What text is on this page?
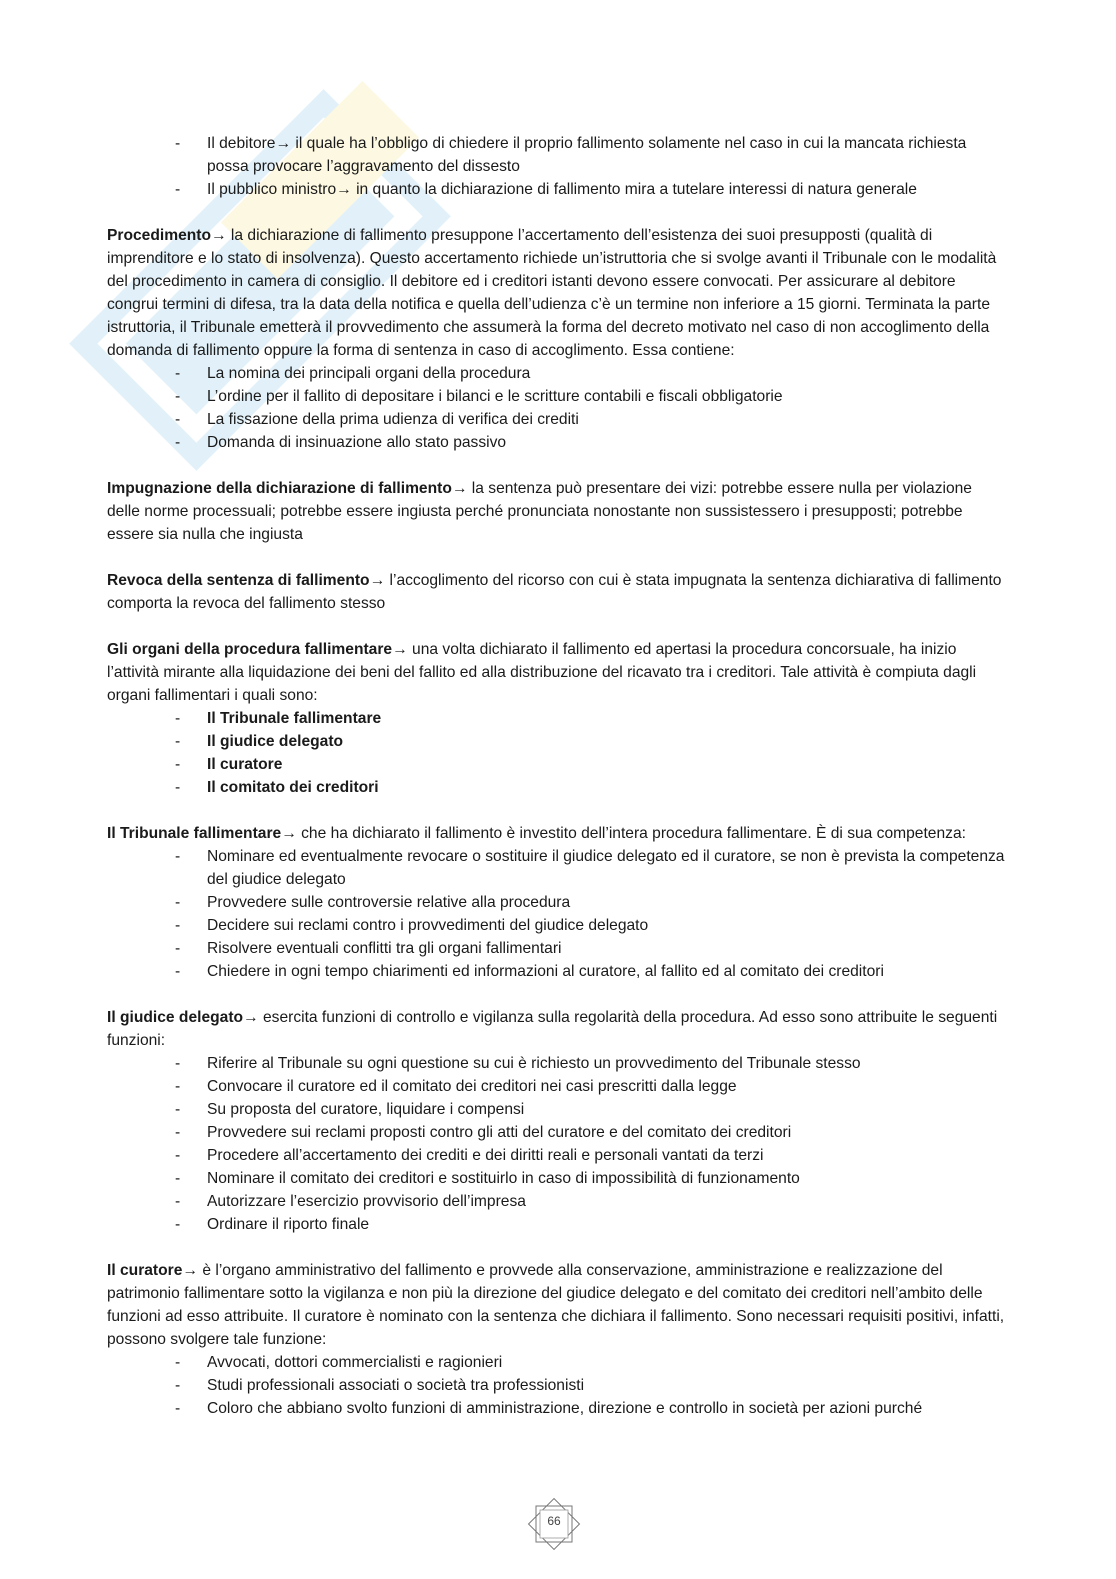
- Il debitore→ il quale ha l’obbligo di chiedere il proprio fallimento solamente nel caso in cui la mancata richiesta possa provocare l’aggravamento del dissesto
- Il pubblico ministro→ in quanto la dichiarazione di fallimento mira a tutelare interessi di natura generale

Procedimento→ la dichiarazione di fallimento presuppone l’accertamento dell’esistenza dei suoi presupposti (qualità di imprenditore e lo stato di insolvenza). Questo accertamento richiede un’istruttoria che si svolge avanti il Tribunale con le modalità del procedimento in camera di consiglio. Il debitore ed i creditori istanti devono essere convocati. Per assicurare al debitore congrui termini di difesa, tra la data della notifica e quella dell’udienza c’è un termine non inferiore a 15 giorni. Terminata la parte istruttoria, il Tribunale emetterà il provvedimento che assumerà la forma del decreto motivato nel caso di non accoglimento della domanda di fallimento oppure la forma di sentenza in caso di accoglimento. Essa contiene:

- La nomina dei principali organi della procedura
- L’ordine per il fallito di depositare i bilanci e le scritture contabili e fiscali obbligatorie
- La fissazione della prima udienza di verifica dei crediti
- Domanda di insinuazione allo stato passivo

Impugnazione della dichiarazione di fallimento→ la sentenza può presentare dei vizi: potrebbe essere nulla per violazione delle norme processuali; potrebbe essere ingiusta perché pronunciata nonostante non sussistessero i presupposti; potrebbe essere sia nulla che ingiusta

Revoca della sentenza di fallimento→ l’accoglimento del ricorso con cui è stata impugnata la sentenza dichiarativa di fallimento comporta la revoca del fallimento stesso

Gli organi della procedura fallimentare→ una volta dichiarato il fallimento ed apertasi la procedura concorsuale, ha inizio l’attività mirante alla liquidazione dei beni del fallito ed alla distribuzione del ricavato tra i creditori. Tale attività è compiuta dagli organi fallimentari i quali sono:

- Il Tribunale fallimentare
- Il giudice delegato
- Il curatore
- Il comitato dei creditori

Il Tribunale fallimentare→ che ha dichiarato il fallimento è investito dell’intera procedura fallimentare. È di sua competenza:

- Nominare ed eventualmente revocare o sostituire il giudice delegato ed il curatore, se non è prevista la competenza del giudice delegato
- Provvedere sulle controversie relative alla procedura
- Decidere sui reclami contro i provvedimenti del giudice delegato
- Risolvere eventuali conflitti tra gli organi fallimentari
- Chiedere in ogni tempo chiarimenti ed informazioni al curatore, al fallito ed al comitato dei creditori

Il giudice delegato→ esercita funzioni di controllo e vigilanza sulla regolarità della procedura. Ad esso sono attribuite le seguenti funzioni:

- Riferire al Tribunale su ogni questione su cui è richiesto un provvedimento del Tribunale stesso
- Convocare il curatore ed il comitato dei creditori nei casi prescritti dalla legge
- Su proposta del curatore, liquidare i compensi
- Provvedere sui reclami proposti contro gli atti del curatore e del comitato dei creditori
- Procedere all’accertamento dei crediti e dei diritti reali e personali vantati da terzi
- Nominare il comitato dei creditori e sostituirlo in caso di impossibilità di funzionamento
- Autorizzare l’esercizio provvisorio dell’impresa
- Ordinare il riporto finale

Il curatore→ è l’organo amministrativo del fallimento e provvede alla conservazione, amministrazione e realizzazione del patrimonio fallimentare sotto la vigilanza e non più la direzione del giudice delegato e del comitato dei creditori nell’ambito delle funzioni ad esso attribuite. Il curatore è nominato con la sentenza che dichiara il fallimento. Sono necessari requisiti positivi, infatti, possono svolgere tale funzione:

- Avvocati, dottori commercialisti e ragionieri
- Studi professionali associati o società tra professionisti
- Coloro che abbiano svolto funzioni di amministrazione, direzione e controllo in società per azioni purché
66
